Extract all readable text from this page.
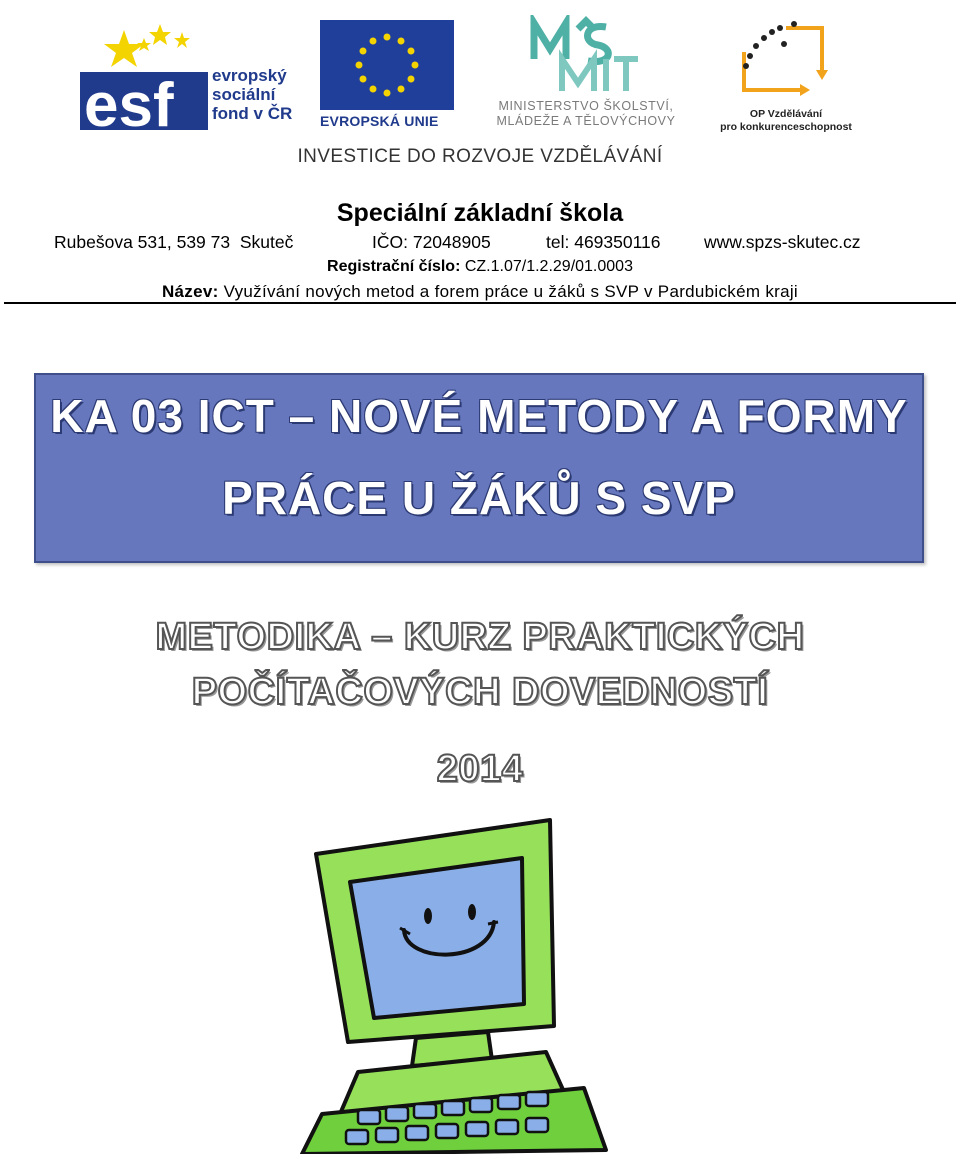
esf evropský
sociální
fond v ČR EVROPSKÁ UNIE
MINISTERSTVO ŠKOLSTVÍ,
MLÁDEŽE A TĚLOVÝCHOVY	OP Vzdělávání
pro konkurenceschopnost
INVESTICE DO ROZVOJE VZDĚLÁVÁNÍ
Speciální základní škola
Rubešova 531, 539 73  Skuteč	IČO: 72048905	tel: 469350116 www.spzs-skutec.cz
Registrační číslo: CZ.1.07/1.2.29/01.0003
Název: Využívání nových metod a forem práce u žáků s SVP v Pardubickém kraji
KA 03 ICT – NOVÉ METODY A FORMY
PRÁCE U ŽÁKŮ S SVP
METODIKA – KURZ PRAKTICKÝCH
POČÍTAČOVÝCH DOVEDNOSTÍ
2014
